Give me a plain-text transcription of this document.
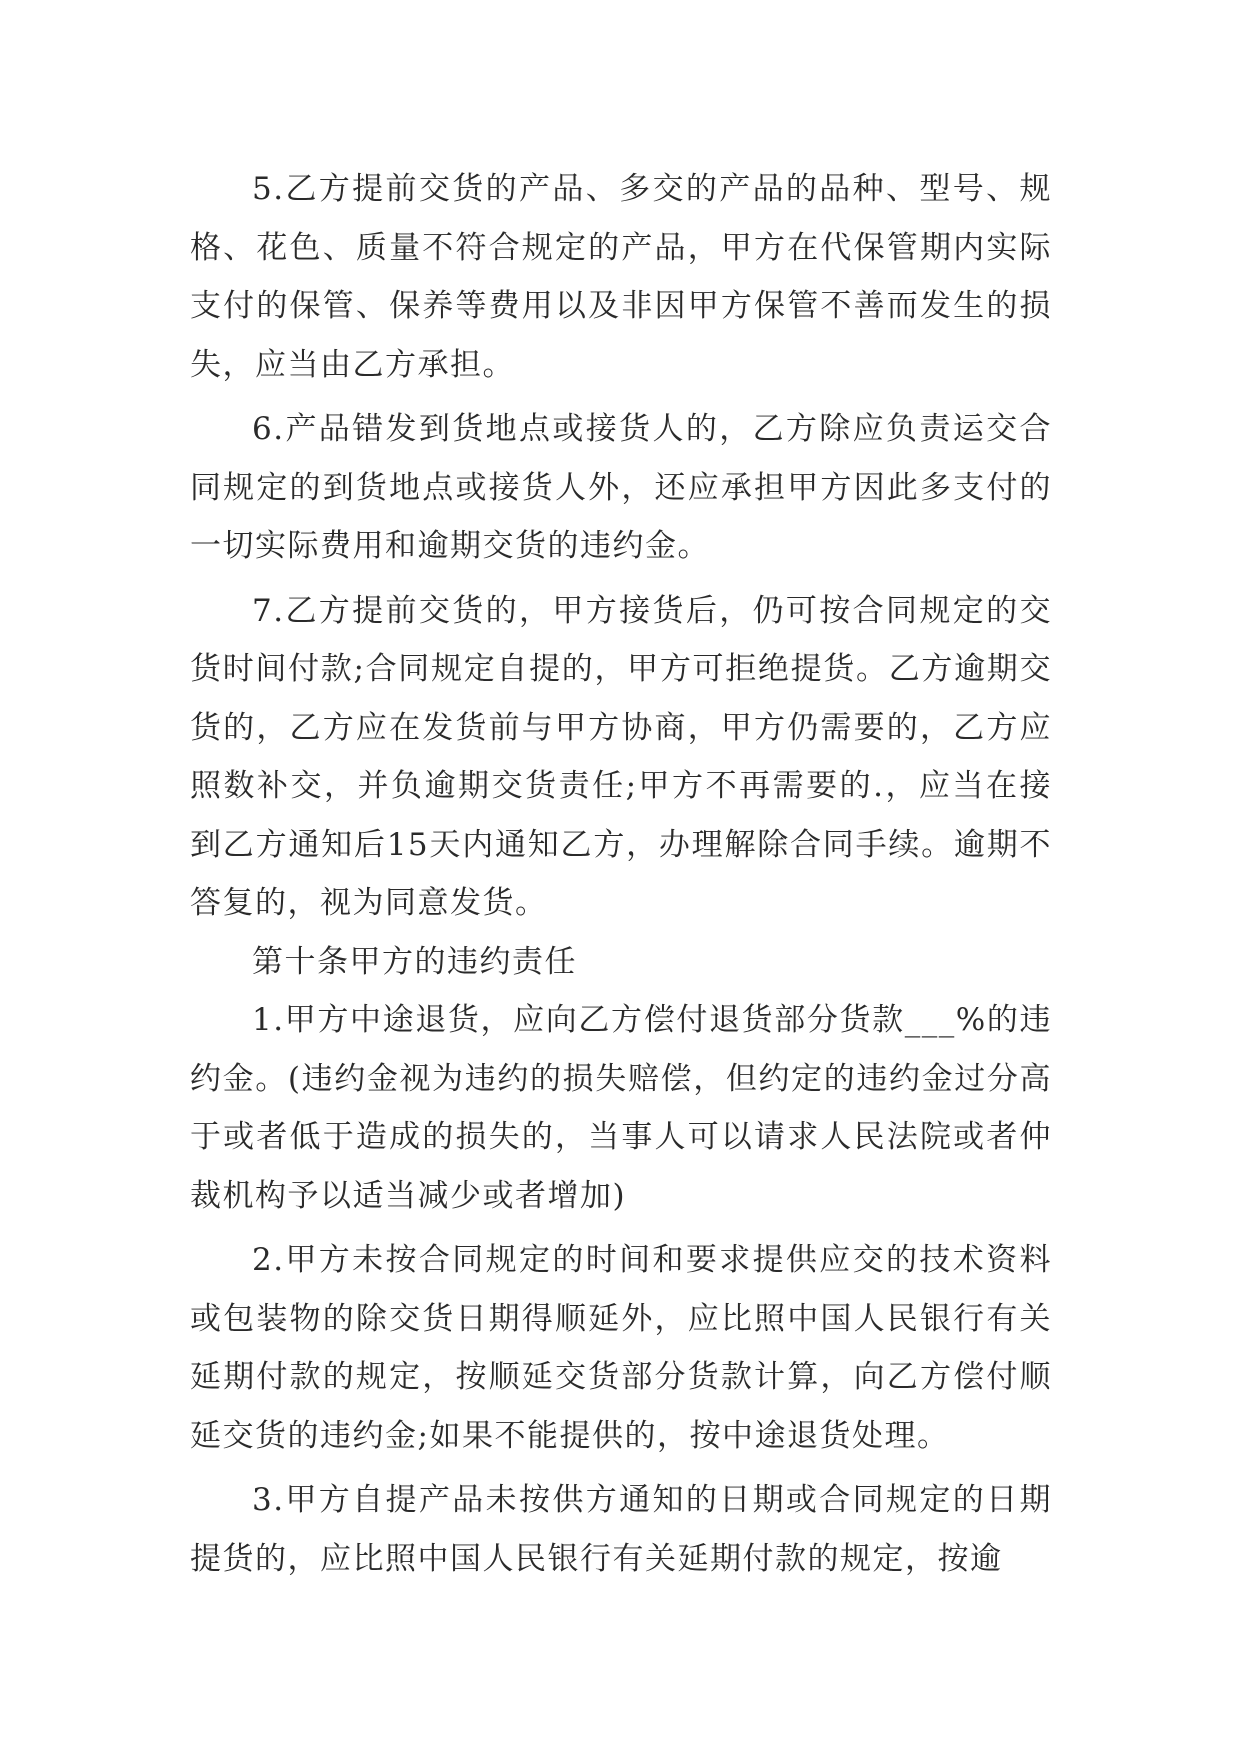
5.乙方提前交货的产品、多交的产品的品种、型号、规格、花色、质量不符合规定的产品，甲方在代保管期内实际支付的保管、保养等费用以及非因甲方保管不善而发生的损失，应当由乙方承担。

6.产品错发到货地点或接货人的，乙方除应负责运交合同规定的到货地点或接货人外，还应承担甲方因此多支付的一切实际费用和逾期交货的违约金。

7.乙方提前交货的，甲方接货后，仍可按合同规定的交货时间付款;合同规定自提的，甲方可拒绝提货。乙方逾期交货的，乙方应在发货前与甲方协商，甲方仍需要的，乙方应照数补交，并负逾期交货责任;甲方不再需要的.，应当在接到乙方通知后15天内通知乙方，办理解除合同手续。逾期不答复的，视为同意发货。

第十条甲方的违约责任

1.甲方中途退货，应向乙方偿付退货部分货款___%的违约金。(违约金视为违约的损失赔偿，但约定的违约金过分高于或者低于造成的损失的，当事人可以请求人民法院或者仲裁机构予以适当减少或者增加)

2.甲方未按合同规定的时间和要求提供应交的技术资料或包装物的除交货日期得顺延外，应比照中国人民银行有关延期付款的规定，按顺延交货部分货款计算，向乙方偿付顺延交货的违约金;如果不能提供的，按中途退货处理。

3.甲方自提产品未按供方通知的日期或合同规定的日期提货的，应比照中国人民银行有关延期付款的规定，按逾
